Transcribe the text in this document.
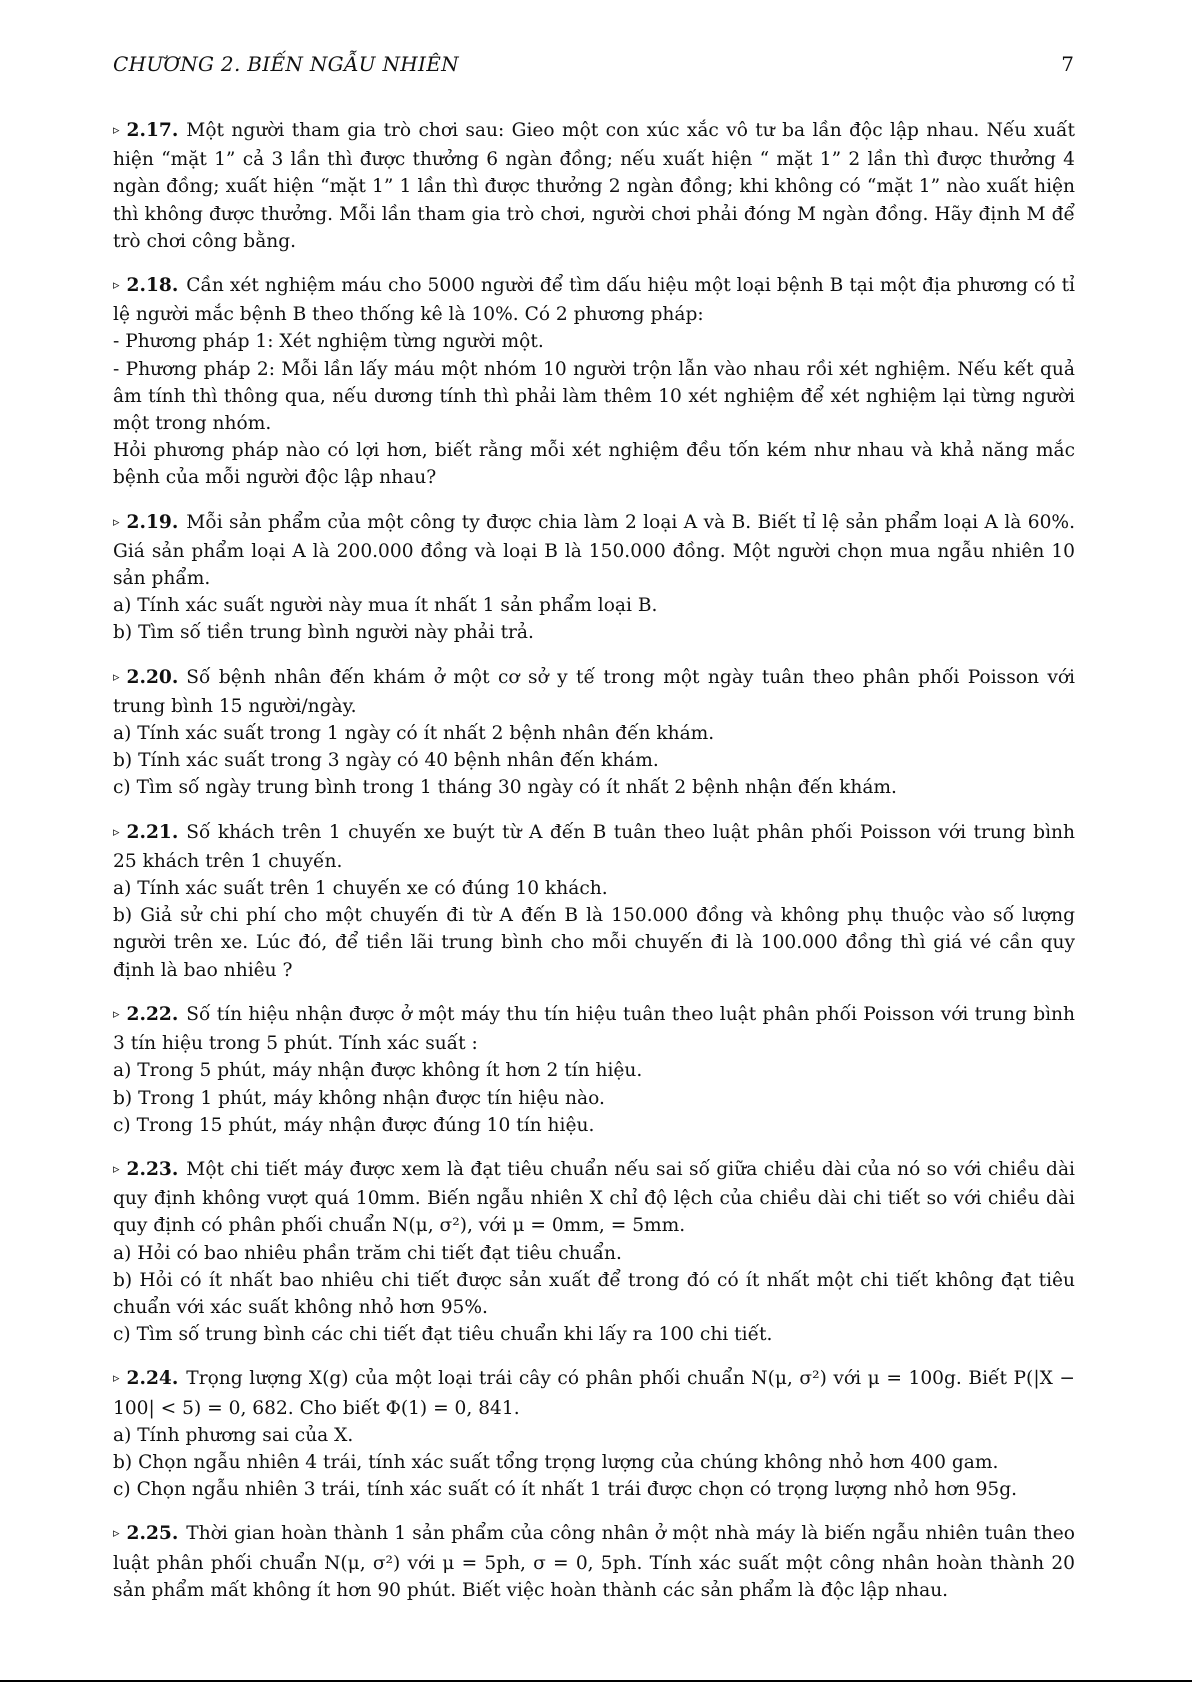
CHƯƠNG 2. BIẾN NGẪU NHIÊN	7
▹ 2.17. Một người tham gia trò chơi sau: Gieo một con xúc xắc vô tư ba lần độc lập nhau. Nếu xuất hiện “mặt 1” cả 3 lần thì được thưởng 6 ngàn đồng; nếu xuất hiện “ mặt 1” 2 lần thì được thưởng 4 ngàn đồng; xuất hiện “mặt 1” 1 lần thì được thưởng 2 ngàn đồng; khi không có “mặt 1” nào xuất hiện thì không được thưởng. Mỗi lần tham gia trò chơi, người chơi phải đóng M ngàn đồng. Hãy định M để trò chơi công bằng.
▹ 2.18. Cần xét nghiệm máu cho 5000 người để tìm dấu hiệu một loại bệnh B tại một địa phương có tỉ lệ người mắc bệnh B theo thống kê là 10%. Có 2 phương pháp:
- Phương pháp 1: Xét nghiệm từng người một.
- Phương pháp 2: Mỗi lần lấy máu một nhóm 10 người trộn lẫn vào nhau rồi xét nghiệm. Nếu kết quả âm tính thì thông qua, nếu dương tính thì phải làm thêm 10 xét nghiệm để xét nghiệm lại từng người một trong nhóm.
Hỏi phương pháp nào có lợi hơn, biết rằng mỗi xét nghiệm đều tốn kém như nhau và khả năng mắc bệnh của mỗi người độc lập nhau?
▹ 2.19. Mỗi sản phẩm của một công ty được chia làm 2 loại A và B. Biết tỉ lệ sản phẩm loại A là 60%. Giá sản phẩm loại A là 200.000 đồng và loại B là 150.000 đồng. Một người chọn mua ngẫu nhiên 10 sản phẩm.
a) Tính xác suất người này mua ít nhất 1 sản phẩm loại B.
b) Tìm số tiền trung bình người này phải trả.
▹ 2.20. Số bệnh nhân đến khám ở một cơ sở y tế trong một ngày tuân theo phân phối Poisson với trung bình 15 người/ngày.
a) Tính xác suất trong 1 ngày có ít nhất 2 bệnh nhân đến khám.
b) Tính xác suất trong 3 ngày có 40 bệnh nhân đến khám.
c) Tìm số ngày trung bình trong 1 tháng 30 ngày có ít nhất 2 bệnh nhận đến khám.
▹ 2.21. Số khách trên 1 chuyến xe buýt từ A đến B tuân theo luật phân phối Poisson với trung bình 25 khách trên 1 chuyến.
a) Tính xác suất trên 1 chuyến xe có đúng 10 khách.
b) Giả sử chi phí cho một chuyến đi từ A đến B là 150.000 đồng và không phụ thuộc vào số lượng người trên xe. Lúc đó, để tiền lãi trung bình cho mỗi chuyến đi là 100.000 đồng thì giá vé cần quy định là bao nhiêu ?
▹ 2.22. Số tín hiệu nhận được ở một máy thu tín hiệu tuân theo luật phân phối Poisson với trung bình 3 tín hiệu trong 5 phút. Tính xác suất :
a) Trong 5 phút, máy nhận được không ít hơn 2 tín hiệu.
b) Trong 1 phút, máy không nhận được tín hiệu nào.
c) Trong 15 phút, máy nhận được đúng 10 tín hiệu.
▹ 2.23. Một chi tiết máy được xem là đạt tiêu chuẩn nếu sai số giữa chiều dài của nó so với chiều dài quy định không vượt quá 10mm. Biến ngẫu nhiên X chỉ độ lệch của chiều dài chi tiết so với chiều dài quy định có phân phối chuẩn N(μ, σ²), với μ = 0mm, = 5mm.
a) Hỏi có bao nhiêu phần trăm chi tiết đạt tiêu chuẩn.
b) Hỏi có ít nhất bao nhiêu chi tiết được sản xuất để trong đó có ít nhất một chi tiết không đạt tiêu chuẩn với xác suất không nhỏ hơn 95%.
c) Tìm số trung bình các chi tiết đạt tiêu chuẩn khi lấy ra 100 chi tiết.
▹ 2.24. Trọng lượng X(g) của một loại trái cây có phân phối chuẩn N(μ, σ²) với μ = 100g. Biết P(|X − 100| < 5) = 0, 682. Cho biết Φ(1) = 0, 841.
a) Tính phương sai của X.
b) Chọn ngẫu nhiên 4 trái, tính xác suất tổng trọng lượng của chúng không nhỏ hơn 400 gam.
c) Chọn ngẫu nhiên 3 trái, tính xác suất có ít nhất 1 trái được chọn có trọng lượng nhỏ hơn 95g.
▹ 2.25. Thời gian hoàn thành 1 sản phẩm của công nhân ở một nhà máy là biến ngẫu nhiên tuân theo luật phân phối chuẩn N(μ, σ²) với μ = 5ph, σ = 0, 5ph. Tính xác suất một công nhân hoàn thành 20 sản phẩm mất không ít hơn 90 phút. Biết việc hoàn thành các sản phẩm là độc lập nhau.
